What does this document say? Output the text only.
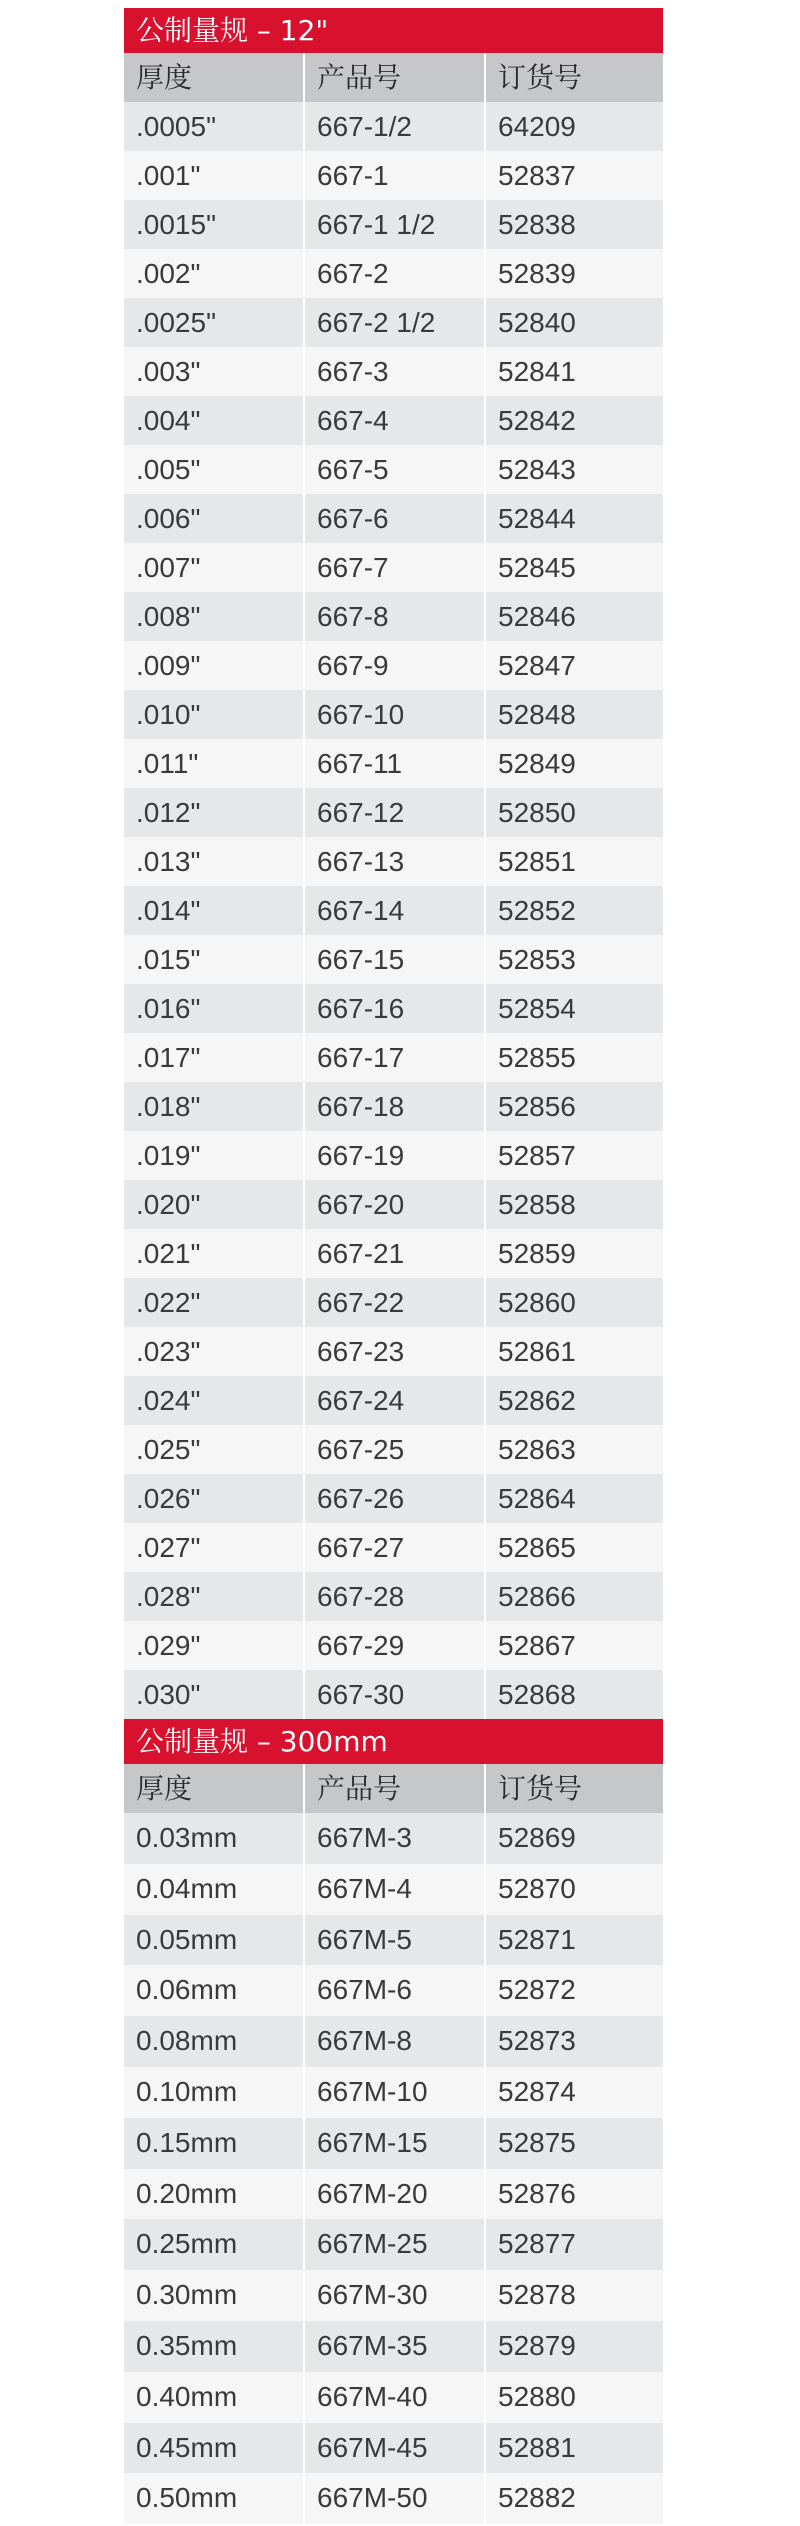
公制量规 – 12"
厚度	产品号	订货号
.0005"	667-1/2	64209
.001"	667-1	52837
.0015"	667-1 1/2	52838
.002"	667-2	52839
.0025"	667-2 1/2	52840
.003"	667-3	52841
.004"	667-4	52842
.005"	667-5	52843
.006"	667-6	52844
.007"	667-7	52845
.008"	667-8	52846
.009"	667-9	52847
.010"	667-10	52848
.011"	667-11	52849
.012"	667-12	52850
.013"	667-13	52851
.014"	667-14	52852
.015"	667-15	52853
.016"	667-16	52854
.017"	667-17	52855
.018"	667-18	52856
.019"	667-19	52857
.020"	667-20	52858
.021"	667-21	52859
.022"	667-22	52860
.023"	667-23	52861
.024"	667-24	52862
.025"	667-25	52863
.026"	667-26	52864
.027"	667-27	52865
.028"	667-28	52866
.029"	667-29	52867
.030"	667-30	52868
公制量规 – 300mm
厚度	产品号	订货号
0.03mm	667M-3	52869
0.04mm	667M-4	52870
0.05mm	667M-5	52871
0.06mm	667M-6	52872
0.08mm	667M-8	52873
0.10mm	667M-10	52874
0.15mm	667M-15	52875
0.20mm	667M-20	52876
0.25mm	667M-25	52877
0.30mm	667M-30	52878
0.35mm	667M-35	52879
0.40mm	667M-40	52880
0.45mm	667M-45	52881
0.50mm	667M-50	52882
